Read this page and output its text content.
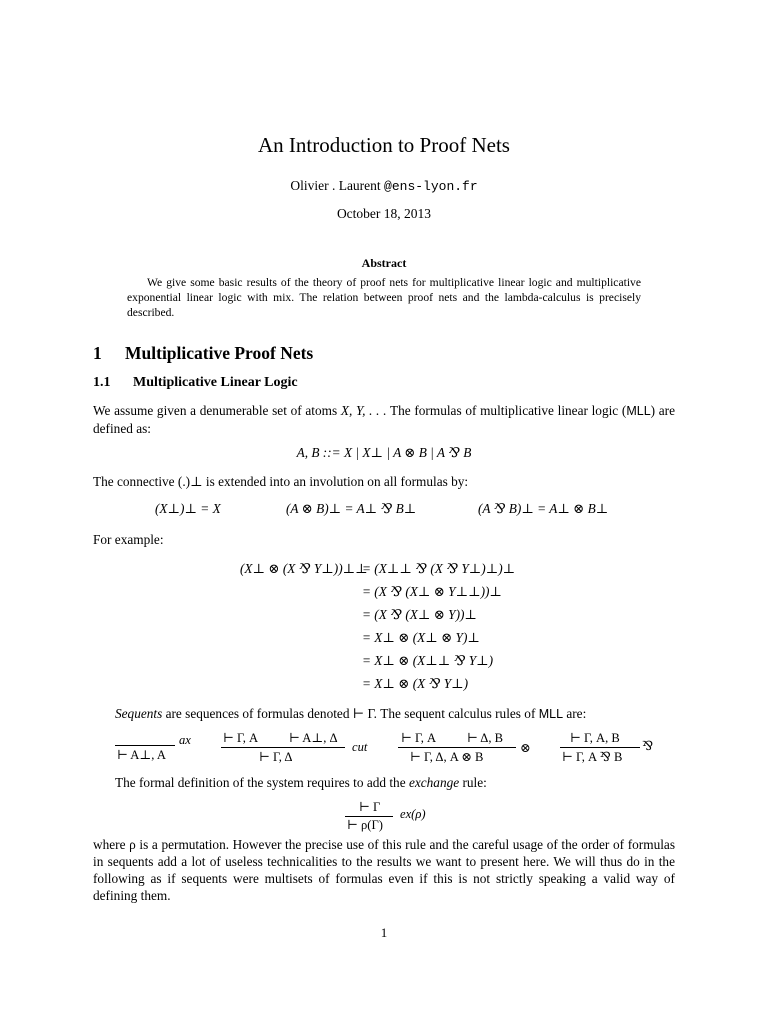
An Introduction to Proof Nets
Olivier . Laurent @ens-lyon.fr
October 18, 2013
Abstract
We give some basic results of the theory of proof nets for multiplicative linear logic and multiplicative exponential linear logic with mix. The relation between proof nets and the lambda-calculus is precisely described.
1 Multiplicative Proof Nets
1.1 Multiplicative Linear Logic
We assume given a denumerable set of atoms X, Y, . . . The formulas of multiplicative linear logic (MLL) are defined as:
A, B ::= X | X⊥ | A ⊗ B | A ⅋ B
The connective (.)⊥ is extended into an involution on all formulas by:
(X⊥)⊥ = X	(A ⊗ B)⊥ = A⊥ ⅋ B⊥	(A ⅋ B)⊥ = A⊥ ⊗ B⊥
For example:
(X⊥ ⊗ (X ⅋ Y⊥))⊥⊥
= (X⊥⊥ ⅋ (X ⅋ Y⊥)⊥)⊥
= (X ⅋ (X⊥ ⊗ Y⊥⊥))⊥
= (X ⅋ (X⊥ ⊗ Y))⊥
= X⊥ ⊗ (X⊥ ⊗ Y)⊥
= X⊥ ⊗ (X⊥⊥ ⅋ Y⊥)
= X⊥ ⊗ (X ⅋ Y⊥)
Sequents are sequences of formulas denoted ⊢ Γ. The sequent calculus rules of MLL are:
⊢ A⊥, A
ax	⊢ Γ, A ⊢ A⊥, Δ
⊢ Γ, Δ
cut
⊢ Γ, A ⊢ Δ, B
⊢ Γ, Δ, A ⊗ B
⊗
⊢ Γ, A, B
⊢ Γ, A ⅋ B
⅋
The formal definition of the system requires to add the exchange rule:
⊢ Γ
⊢ ρ(Γ)
ex(ρ)
where ρ is a permutation. However the precise use of this rule and the careful usage of the order of formulas in sequents add a lot of useless technicalities to the results we want to present here. We will thus do in the following as if sequents were multisets of formulas even if this is not strictly speaking a valid way of defining them.
1
